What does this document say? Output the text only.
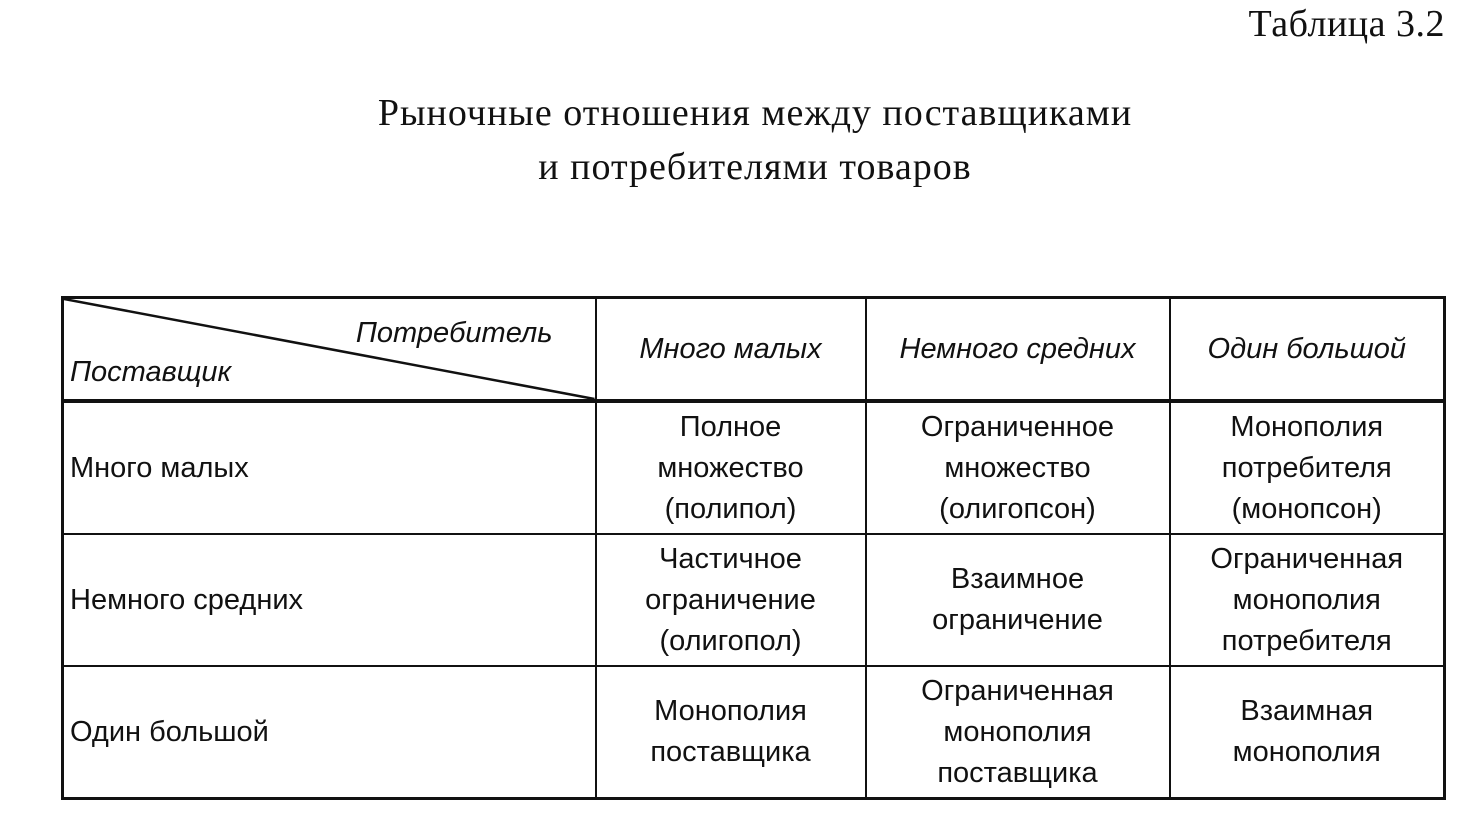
Таблица 3.2
Рыночные отношения между поставщиками
и потребителями товаров
Потребитель
Поставщик	Много малых	Немного средних	Один большой
Много малых	Полное
множество
(полипол)	Ограниченное
множество
(олигопсон)	Монополия
потребителя
(монопсон)

Немного средних	Частичное
ограничение
(олигопол)	Взаимное
ограничение	Ограниченная
монополия
потребителя

Один большой	Монополия
поставщика	Ограниченная
монополия
поставщика	Взаимная
монополия
